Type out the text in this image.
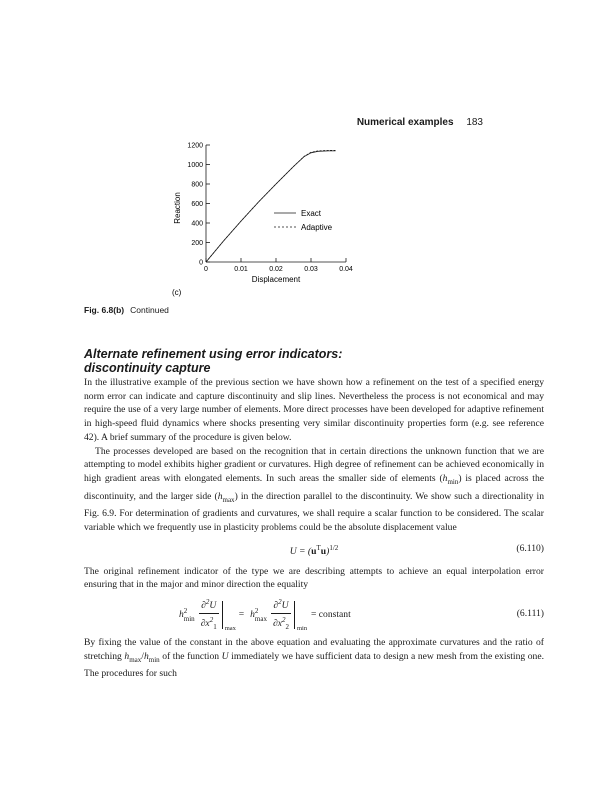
Numerical examples 183
0	0.01	0.02	0.03	0.04
0
200
400
600
800
1000
1200
Reaction
Displacement
Exact
Adaptive
(c)
Fig. 6.8(b) Continued
Alternate refinement using error indicators:
discontinuity capture

In the illustrative example of the previous section we have shown how a refinement on the test of a specified energy norm error can indicate and capture discontinuity and slip lines. Nevertheless the process is not economical and may require the use of a very large number of elements. More direct processes have been developed for adaptive refinement in high-speed fluid dynamics where shocks presenting very similar discontinuity properties form (e.g. see reference 42). A brief summary of the procedure is given below.

The processes developed are based on the recognition that in certain directions the unknown function that we are attempting to model exhibits higher gradient or curvatures. High degree of refinement can be achieved economically in high gradient areas with elongated elements. In such areas the smaller side of elements $(h_{min})$ is placed across the discontinuity, and the larger side $(h_{max})$ in the direction parallel to the discontinuity. We show such a directionality in Fig. 6.9. For determination of gradients and curvatures, we shall require a scalar function to be considered. The scalar variable which we frequently use in plasticity problems could be the absolute displacement value

$U = (u^Tu)^{1/2}$	(6.110)

The original refinement indicator of the type we are describing attempts to achieve an equal interpolation error ensuring that in the major and minor direction the equality

h 2
$\min \frac{\partial^2U}{\partial x^2_1}$ max
= h 2
$\max \frac{\partial^2U}{\partial x^2_2}$ min
= constant	(6.111)

By fixing the value of the constant in the above equation and evaluating the approximate curvatures and the ratio of stretching $h_{max}/h_{min}$ of the function U immediately we have sufficient data to design a new mesh from the existing one. The procedures for such
